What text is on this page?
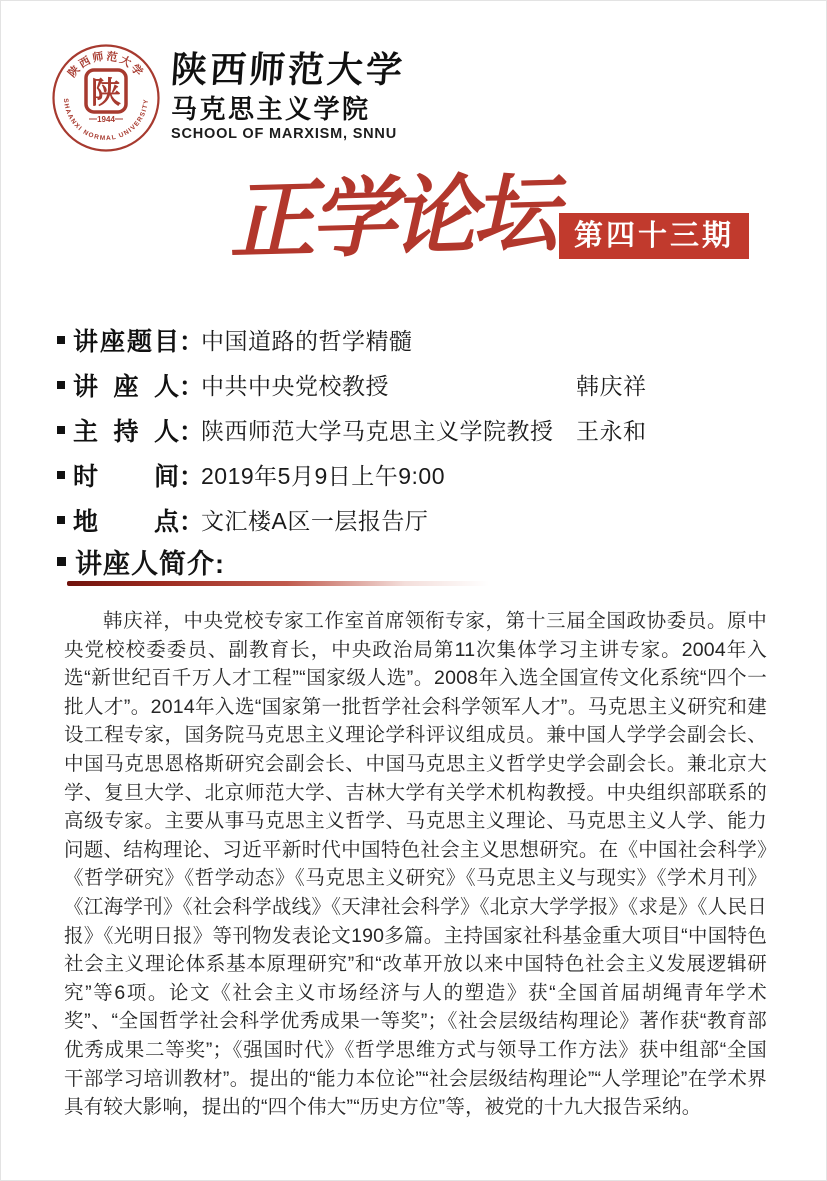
陕西师范大学
SHAANXI NORMAL UNIVERSITY
陕
1944
陕西师范大学
马克思主义学院
SCHOOL OF MARXISM, SNNU
正学论坛 第四十三期
讲座题目 ：
中国道路的哲学精髓
讲座人 ：
中共中央党校教授	韩庆祥
主持人 ：
陕西师范大学马克思主义学院教授 王永和
时间 ：
2019年5月9日上午9:00
地点 ：
文汇楼A区一层报告厅
讲座人简介:
韩庆祥，中央党校专家工作室首席领衔专家，第十三届全国政协委员。原中央党校校委委员、副教育长，中央政治局第11次集体学习主讲专家。2004年入选“新世纪百千万人才工程”“国家级人选”。2008年入选全国宣传文化系统“四个一批人才”。2014年入选“国家第一批哲学社会科学领军人才”。马克思主义研究和建设工程专家，国务院马克思主义理论学科评议组成员。兼中国人学学会副会长、中国马克思恩格斯研究会副会长、中国马克思主义哲学史学会副会长。兼北京大学、复旦大学、北京师范大学、吉林大学有关学术机构教授。中央组织部联系的高级专家。主要从事马克思主义哲学、马克思主义理论、马克思主义人学、能力问题、结构理论、习近平新时代中国特色社会主义思想研究。在《中国社会科学》《哲学研究》《哲学动态》《马克思主义研究》《马克思主义与现实》《学术月刊》《江海学刊》《社会科学战线》《天津社会科学》《北京大学学报》《求是》《人民日报》《光明日报》等刊物发表论文190多篇。主持国家社科基金重大项目“中国特色社会主义理论体系基本原理研究”和“改革开放以来中国特色社会主义发展逻辑研究”等6项。论文《社会主义市场经济与人的塑造》获“全国首届胡绳青年学术奖”、“全国哲学社会科学优秀成果一等奖”；《社会层级结构理论》著作获“教育部优秀成果二等奖”；《强国时代》《哲学思维方式与领导工作方法》获中组部“全国干部学习培训教材”。提出的“能力本位论”“社会层级结构理论”“人学理论”在学术界具有较大影响，提出的“四个伟大”“历史方位”等，被党的十九大报告采纳。
